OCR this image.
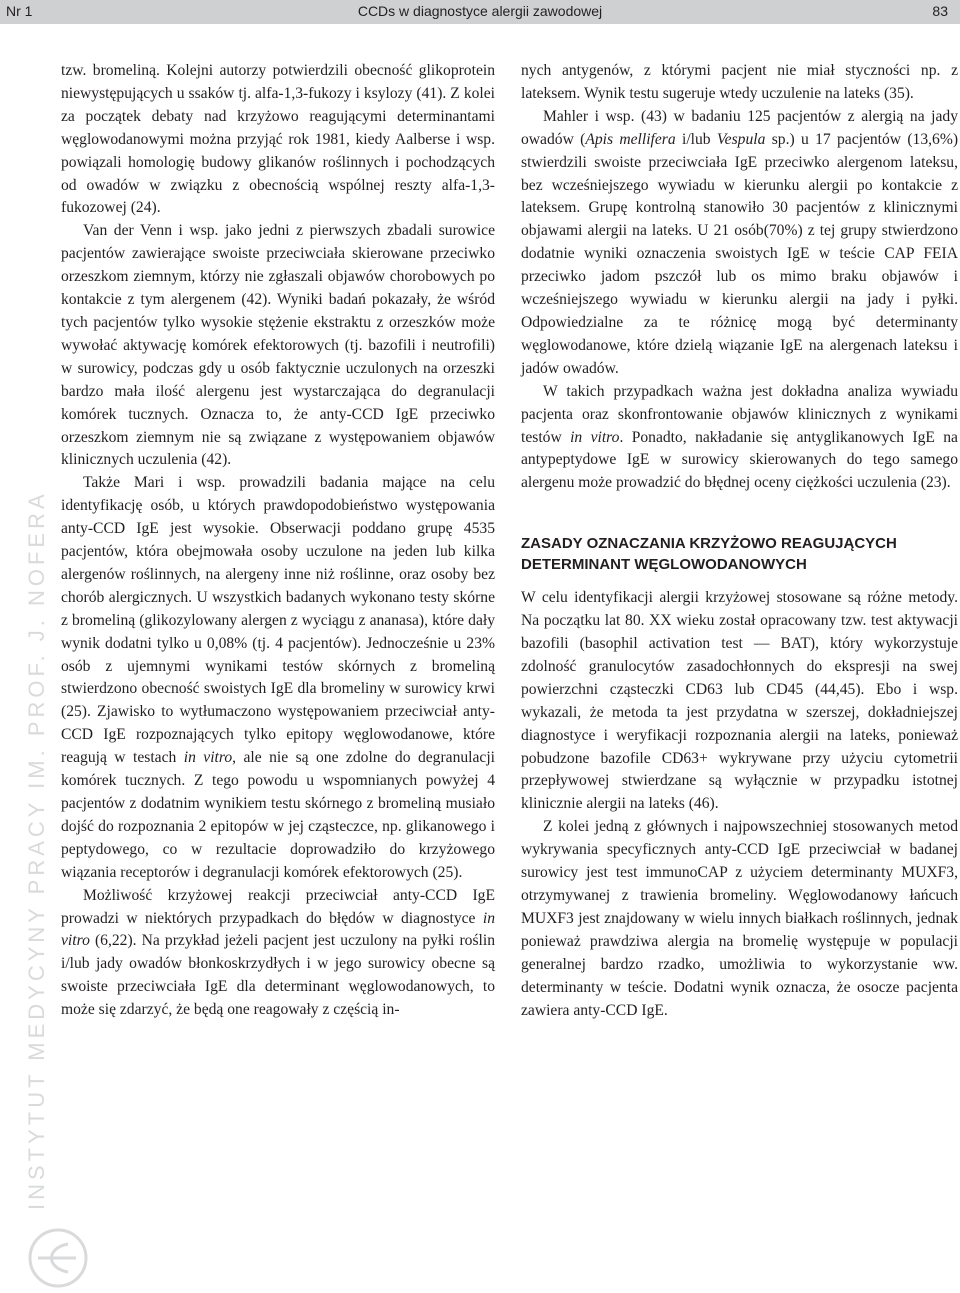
CCDs w diagnostyce alergii zawodowej
Nr 1	83
INSTYTUT MEDYCYNY PRACY IM. PROF. J. NOFERA

tzw. bromeliną. Kolejni autorzy potwierdzili obecność glikoprotein niewystępujących u ssaków tj. alfa-1,3-fukozy i ksylozy (41). Z kolei za początek debaty nad krzyżowo reagującymi determinantami węglowodanowymi można przyjąć rok 1981, kiedy Aalberse i wsp. powiązali homologię budowy glikanów roślinnych i pochodzących od owadów w związku z obecnością wspólnej reszty alfa-1,3-fukozowej (24).

Van der Venn i wsp. jako jedni z pierwszych zbadali surowice pacjentów zawierające swoiste przeciwciała skierowane przeciwko orzeszkom ziemnym, którzy nie zgłaszali objawów chorobowych po kontakcie z tym alergenem (42). Wyniki badań pokazały, że wśród tych pacjentów tylko wysokie stężenie ekstraktu z orzeszków może wywołać aktywację komórek efektorowych (tj. bazofili i neutrofili) w surowicy, podczas gdy u osób faktycznie uczulonych na orzeszki bardzo mała ilość alergenu jest wystarczająca do degranulacji komórek tucznych. Oznacza to, że anty-CCD IgE przeciwko orzeszkom ziemnym nie są związane z występowaniem objawów klinicznych uczulenia (42).

Także Mari i wsp. prowadzili badania mające na celu identyfikację osób, u których prawdopodobieństwo występowania anty-CCD IgE jest wysokie. Obserwacji poddano grupę 4535 pacjentów, która obejmowała osoby uczulone na jeden lub kilka alergenów roślinnych, na alergeny inne niż roślinne, oraz osoby bez chorób alergicznych. U wszystkich badanych wykonano testy skórne z bromeliną (glikozylowany alergen z wyciągu z ananasa), które dały wynik dodatni tylko u 0,08% (tj. 4 pacjentów). Jednocześnie u 23% osób z ujemnymi wynikami testów skórnych z bromeliną stwierdzono obecność swoistych IgE dla bromeliny w surowicy krwi (25). Zjawisko to wytłumaczono występowaniem przeciwciał anty-CCD IgE rozpoznających tylko epitopy węglowodanowe, które reagują w testach in vitro, ale nie są one zdolne do degranulacji komórek tucznych. Z tego powodu u wspomnianych powyżej 4 pacjentów z dodatnim wynikiem testu skórnego z bromeliną musiało dojść do rozpoznania 2 epitopów w jej cząsteczce, np. glikanowego i peptydowego, co w rezultacie doprowadziło do krzyżowego wiązania receptorów i degranulacji komórek efektorowych (25).

Możliwość krzyżowej reakcji przeciwciał anty-CCD IgE prowadzi w niektórych przypadkach do błędów w diagnostyce in vitro (6,22). Na przykład jeżeli pacjent jest uczulony na pyłki roślin i/lub jady owadów błonkoskrzydłych i w jego surowicy obecne są swoiste przeciwciała IgE dla determinant węglowodanowych, to może się zdarzyć, że będą one reagowały z częścią in-

nych antygenów, z którymi pacjent nie miał styczności np. z lateksem. Wynik testu sugeruje wtedy uczulenie na lateks (35).

Mahler i wsp. (43) w badaniu 125 pacjentów z alergią na jady owadów (Apis mellifera i/lub Vespula sp.) u 17 pacjentów (13,6%) stwierdzili swoiste przeciwciała IgE przeciwko alergenom lateksu, bez wcześniejszego wywiadu w kierunku alergii po kontakcie z lateksem. Grupę kontrolną stanowiło 30 pacjentów z klinicznymi objawami alergii na lateks. U 21 osób(70%) z tej grupy stwierdzono dodatnie wyniki oznaczenia swoistych IgE w teście CAP FEIA przeciwko jadom pszczół lub os mimo braku objawów i wcześniejszego wywiadu w kierunku alergii na jady i pyłki. Odpowiedzialne za te różnicę mogą być determinanty węglowodanowe, które dzielą wiązanie IgE na alergenach lateksu i jadów owadów.

W takich przypadkach ważna jest dokładna analiza wywiadu pacjenta oraz skonfrontowanie objawów klinicznych z wynikami testów in vitro. Ponadto, nakładanie się antyglikanowych IgE na antypeptydowe IgE w surowicy skierowanych do tego samego alergenu może prowadzić do błędnej oceny ciężkości uczulenia (23).

ZASADY OZNACZANIA KRZYŻOWO REAGUJĄCYCH DETERMINANT WĘGLOWODANOWYCH

W celu identyfikacji alergii krzyżowej stosowane są różne metody. Na początku lat 80. XX wieku został opracowany tzw. test aktywacji bazofili (basophil activation test — BAT), który wykorzystuje zdolność granulocytów zasadochłonnych do ekspresji na swej powierzchni cząsteczki CD63 lub CD45 (44,45). Ebo i wsp. wykazali, że metoda ta jest przydatna w szerszej, dokładniejszej diagnostyce i weryfikacji rozpoznania alergii na lateks, ponieważ pobudzone bazofile CD63+ wykrywane przy użyciu cytometrii przepływowej stwierdzane są wyłącznie w przypadku istotnej klinicznie alergii na lateks (46).

Z kolei jedną z głównych i najpowszechniej stosowanych metod wykrywania specyficznych anty-CCD IgE przeciwciał w badanej surowicy jest test immunoCAP z użyciem determinanty MUXF3, otrzymywanej z trawienia bromeliny. Węglowodanowy łańcuch MUXF3 jest znajdowany w wielu innych białkach roślinnych, jednak ponieważ prawdziwa alergia na bromelię występuje w populacji generalnej bardzo rzadko, umożliwia to wykorzystanie ww. determinanty w teście. Dodatni wynik oznacza, że osocze pacjenta zawiera anty-CCD IgE.
